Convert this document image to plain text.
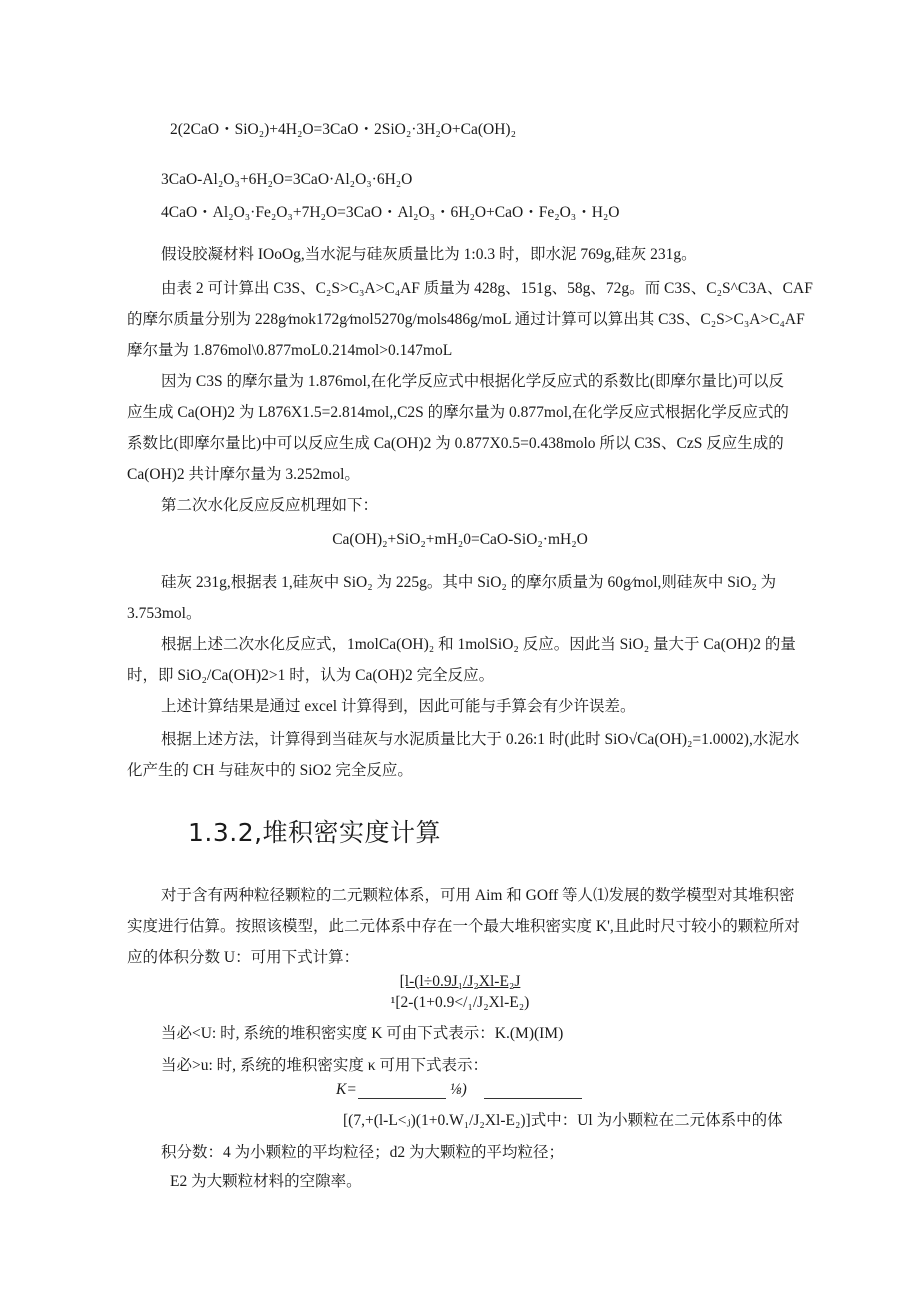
2(2CaO・SiO₂)+4H₂O=3CaO・2SiO₂·3H₂O+Ca(OH)₂
3CaO-Al₂O₃+6H₂O=3CaO·Al₂O₃·6H₂O
4CaO・Al₂O₃·Fe₂O₃+7H₂O=3CaO・Al₂O₃・6H₂O+CaO・Fe₂O₃・H₂O
假设胶凝材料 IOoOg,当水泥与硅灰质量比为 1:0.3 时，即水泥 769g,硅灰 231g。
由表 2 可计算出 C3S、C₂S>C₃A>C₄AF 质量为 428g、151g、58g、72g。而 C3S、C₂S^C3A、CAF
的摩尔质量分别为 228g∕mok172g∕mol5270g/mols486g/moL 通过计算可以算出其 C3S、C₂S>C₃A>C₄AF
摩尔量为 1.876mol\0.877moL0.214mol>0.147moL
因为 C3S 的摩尔量为 1.876mol,在化学反应式中根据化学反应式的系数比(即摩尔量比)可以反
应生成 Ca(OH)2 为 L876X1.5=2.814mol,,C2S 的摩尔量为 0.877mol,在化学反应式根据化学反应式的
系数比(即摩尔量比)中可以反应生成 Ca(OH)2 为 0.877X0.5=0.438molo 所以 C3S、CzS 反应生成的
Ca(OH)2 共计摩尔量为 3.252mol。
第二次水化反应反应机理如下：
Ca(OH)₂+SiO₂+mH₂0=CaO-SiO₂·mH₂O
硅灰 231g,根据表 1,硅灰中 SiO₂ 为 225g。其中 SiO₂ 的摩尔质量为 60g∕mol,则硅灰中 SiO₂ 为
3.753mol。
根据上述二次水化反应式，1molCa(OH)₂ 和 1molSiO₂ 反应。因此当 SiO₂ 量大于 Ca(OH)2 的量
时，即 SiO₂/Ca(OH)2>1 时，认为 Ca(OH)2 完全反应。
上述计算结果是通过 excel 计算得到，因此可能与手算会有少许误差。
根据上述方法，计算得到当硅灰与水泥质量比大于 0.26:1 时(此时 SiO√Ca(OH)₂=1.0002),水泥水
化产生的 CH 与硅灰中的 SiO2 完全反应。
1.3.2,堆积密实度计算
对于含有两种粒径颗粒的二元颗粒体系，可用 Aim 和 GOff 等人⑴发展的数学模型对其堆积密
实度进行估算。按照该模型，此二元体系中存在一个最大堆积密实度 K',且此时尺寸较小的颗粒所对
应的体积分数 U：可用下式计算：
[l-(l÷0.9J₁/J₂Xl-E₂J
¹[2-(1+0.9</₁/J₂Xl-E₂)
当必<U: 时, 系统的堆积密实度 K 可由下式表示：K.(M)(IM)
当必>u: 时, 系统的堆积密实度 κ 可用下式表示：
K=	⅛)
[(7,+(l-L<ⱼ)(1+0.W₁/J₂Xl-E₂)]式中：Ul 为小颗粒在二元体系中的体
积分数：4 为小颗粒的平均粒径；d2 为大颗粒的平均粒径；
E2 为大颗粒材料的空隙率。
